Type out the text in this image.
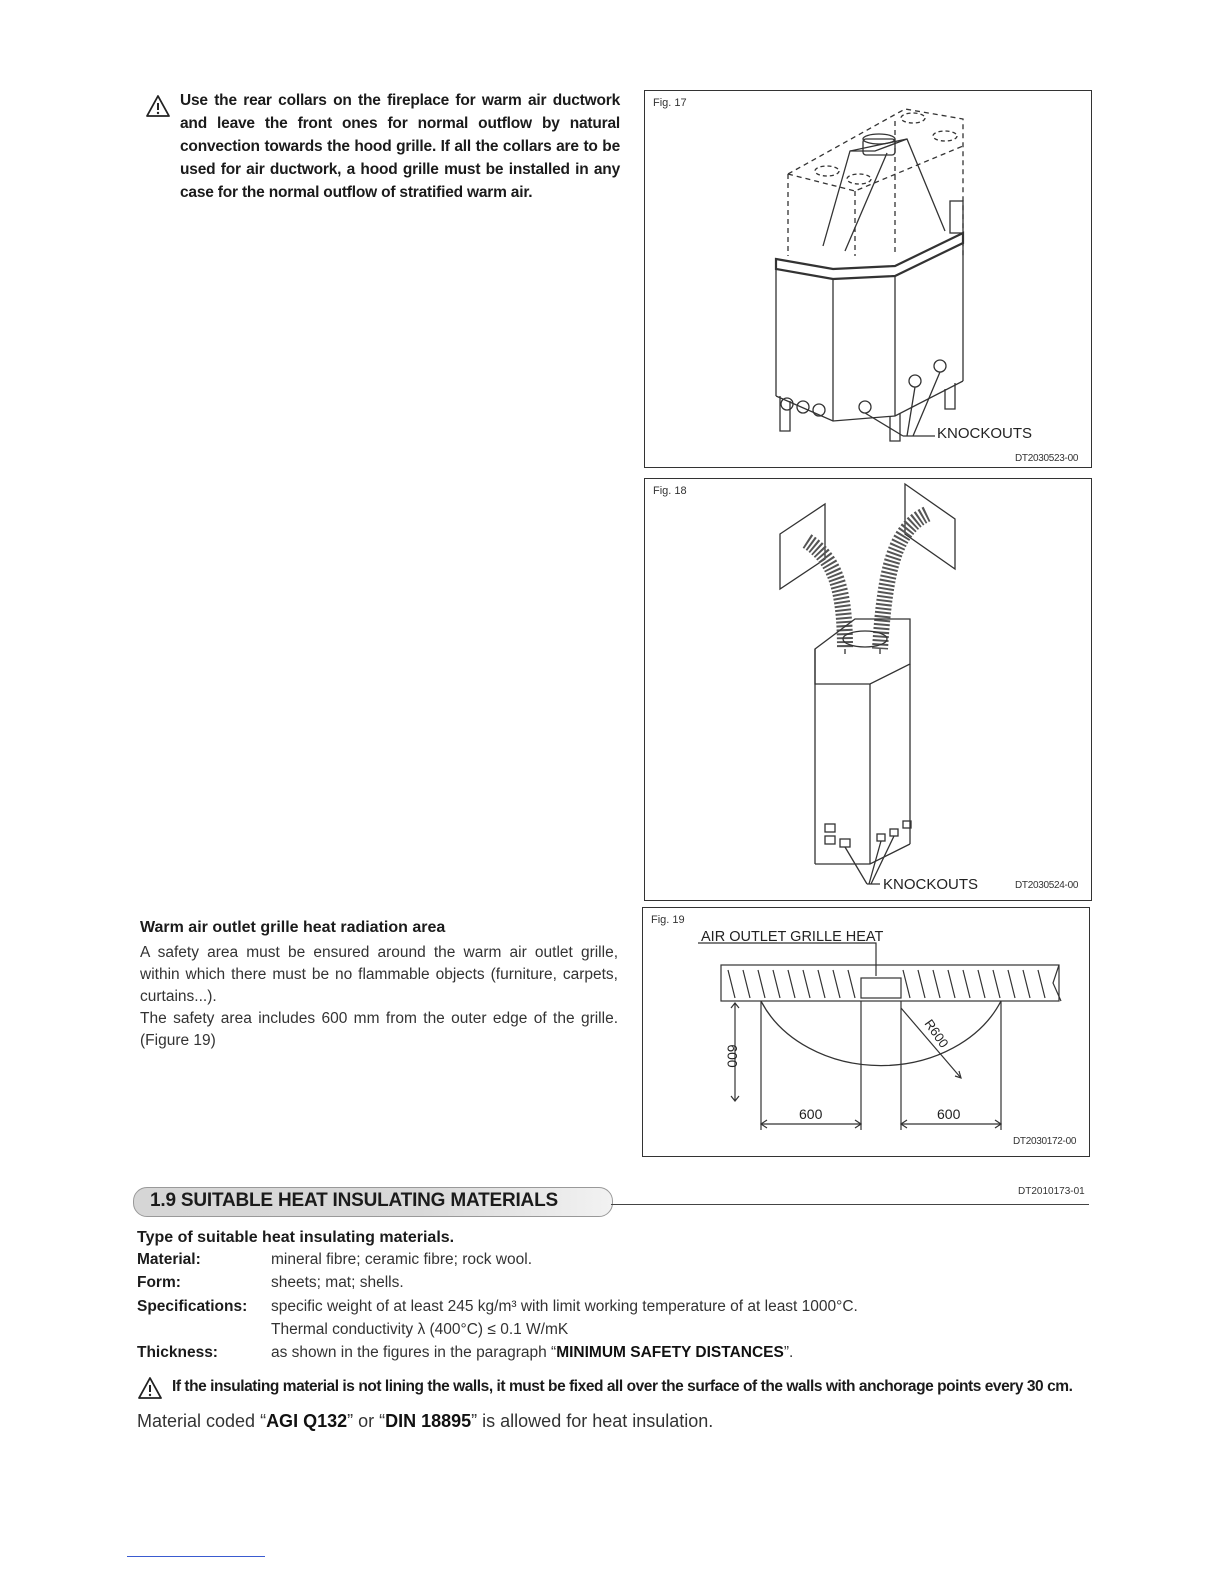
Use the rear collars on the fireplace for warm air ductwork and leave the front ones for normal outflow by natural convection towards the hood grille. If all the collars are to be used for air ductwork, a hood grille must be installed in any case for the normal outflow of stratified warm air.
Fig. 17
KNOCKOUTS
DT2030523-00
Fig. 18
KNOCKOUTS	DT2030524-00
Fig. 19
AIR OUTLET GRILLE HEAT
R600
600
600	600
DT2030172-00
Warm air outlet grille heat radiation area

A safety area must be ensured around the warm air outlet grille, within which there must be no flammable objects (furniture, carpets, curtains...).

The safety area includes 600 mm from the outer edge of the grille. (Figure 19)

1.9 SUITABLE HEAT INSULATING MATERIALS	DT2010173-01
Type of suitable heat insulating materials.
Material:	mineral fibre; ceramic fibre; rock wool.
Form:	sheets; mat; shells.
Specifications: specific weight of at least 245 kg/m³ with limit working temperature of at least 1000°C.
Thermal conductivity λ (400°C) ≤ 0.1 W/mK
Thickness:	as shown in the figures in the paragraph “MINIMUM SAFETY DISTANCES”.
If the insulating material is not lining the walls, it must be fixed all over the surface of the walls with anchorage points every 30 cm.
Material coded “AGI Q132” or “DIN 18895” is allowed for heat insulation.
